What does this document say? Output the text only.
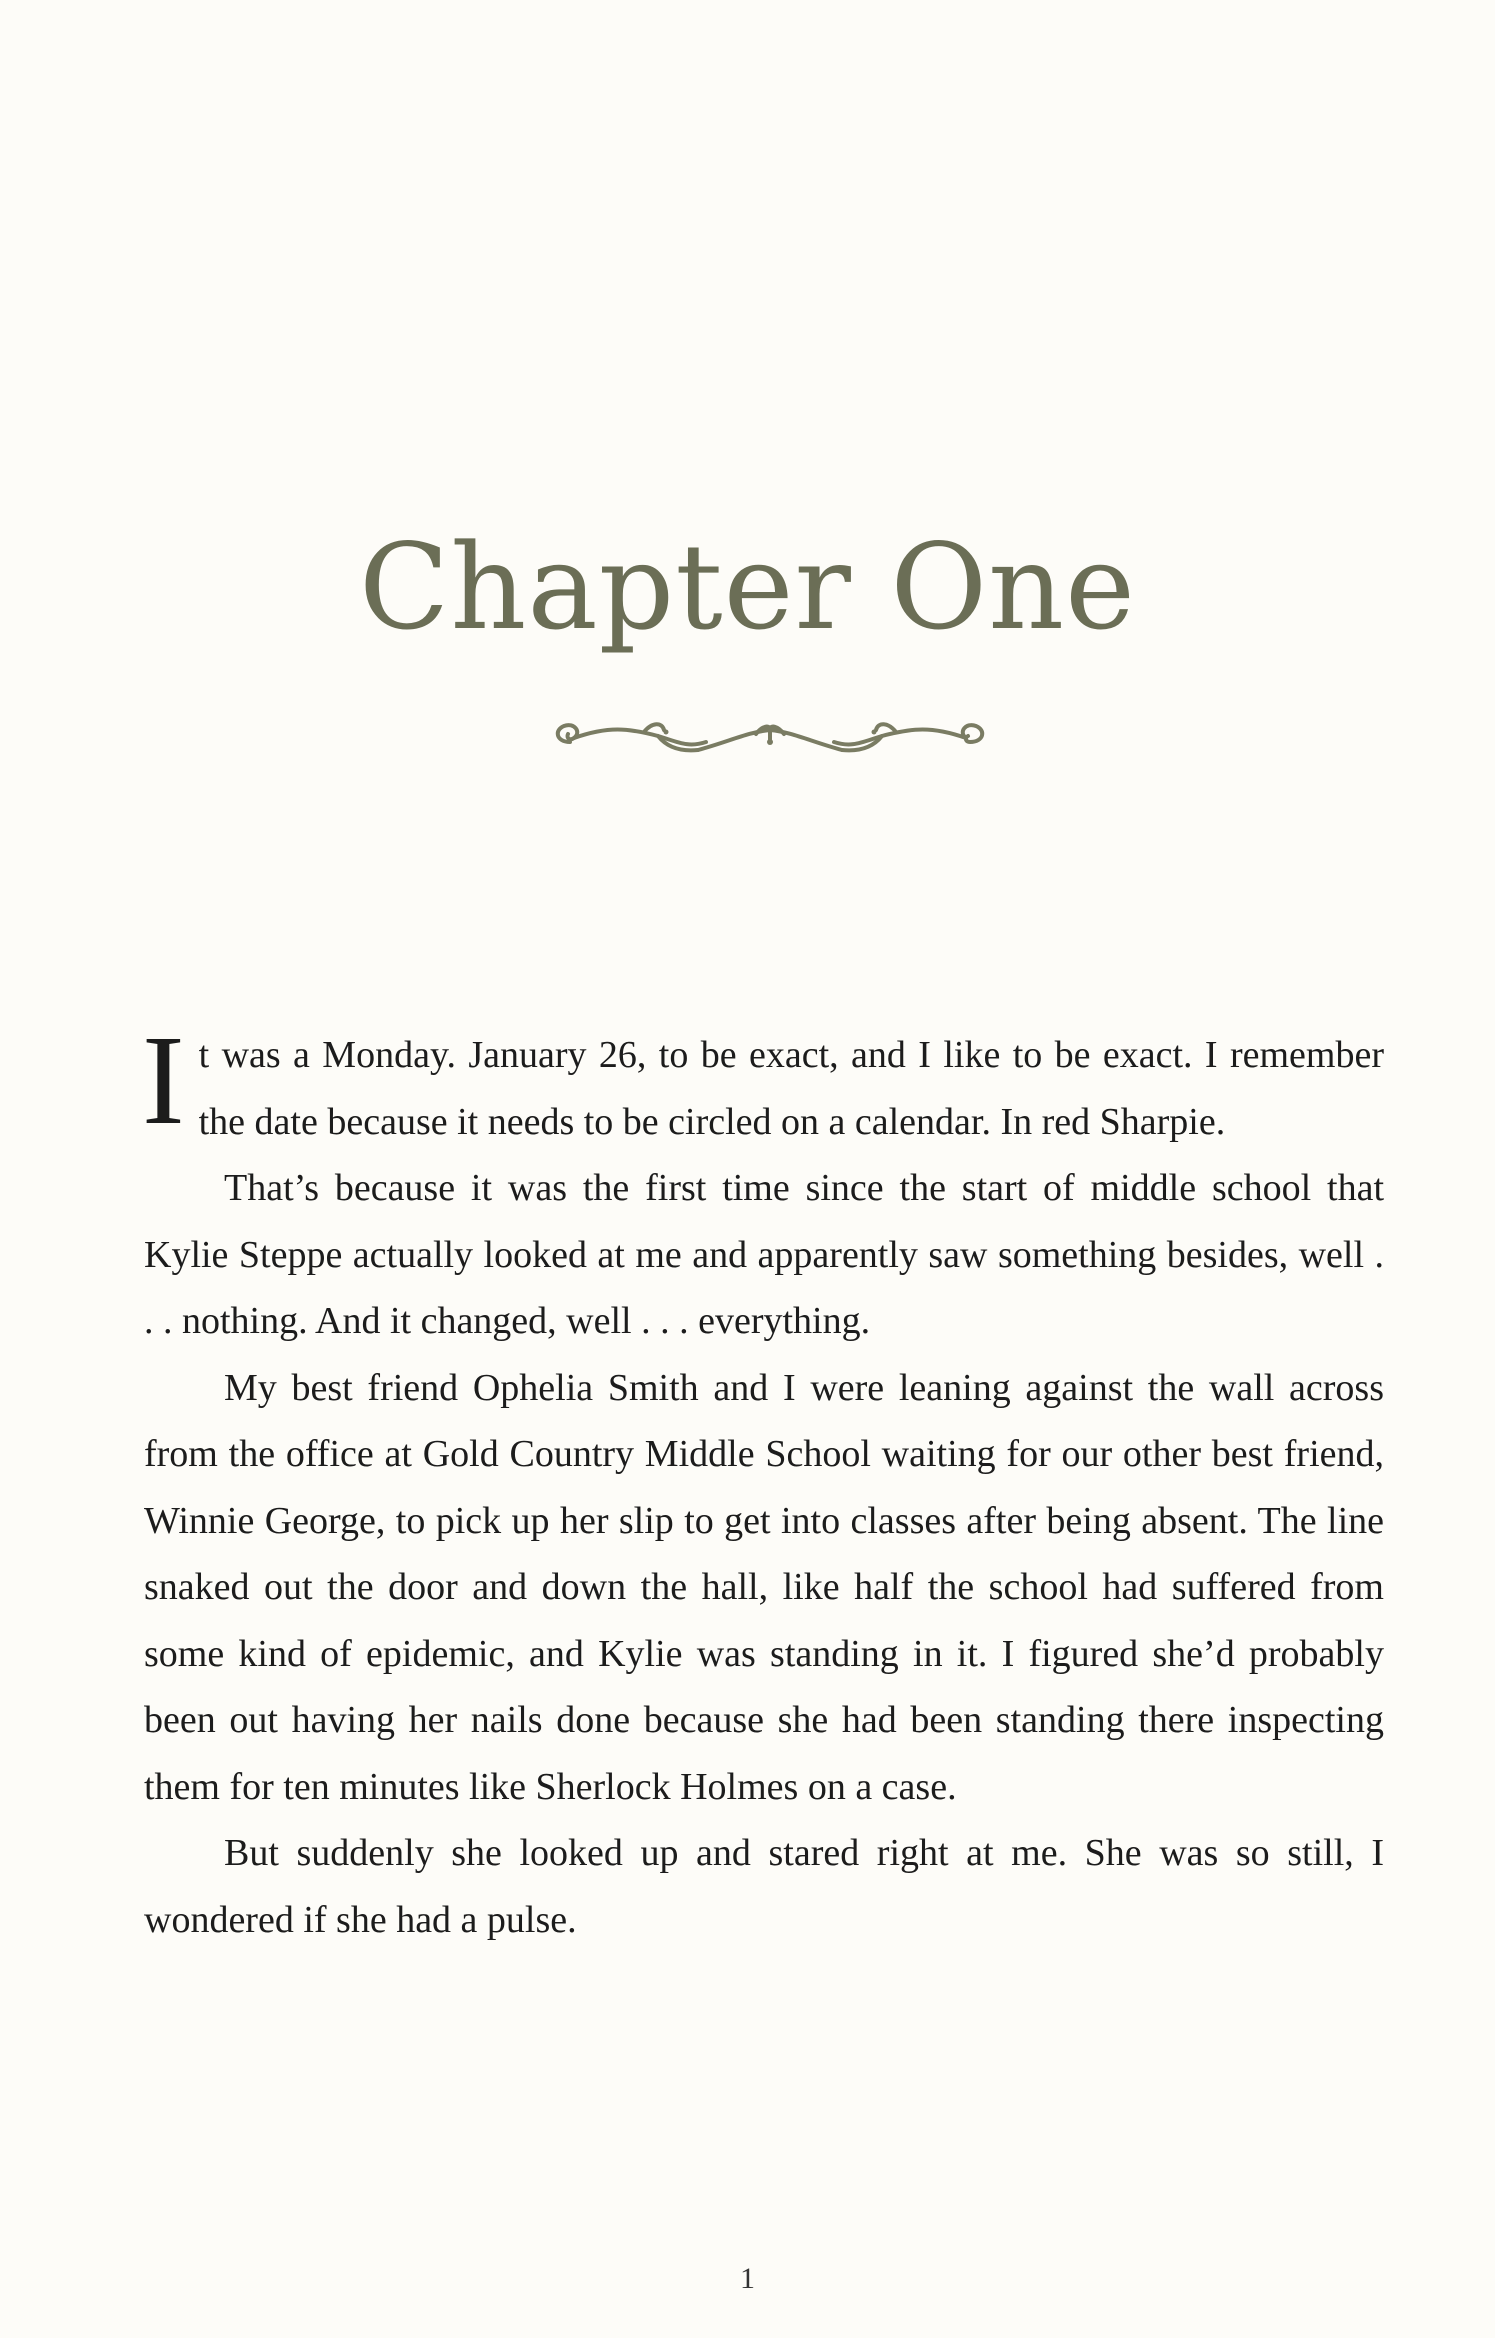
Chapter One

It was a Monday. January 26, to be exact, and I like to be exact. I remember the date because it needs to be circled on a calendar. In red Sharpie.

That’s because it was the first time since the start of middle school that Kylie Steppe actually looked at me and apparently saw something besides, well . . . nothing. And it changed, well . . . everything.

My best friend Ophelia Smith and I were leaning against the wall across from the office at Gold Country Middle School waiting for our other best friend, Winnie George, to pick up her slip to get into classes after being absent. The line snaked out the door and down the hall, like half the school had suffered from some kind of epidemic, and Kylie was standing in it. I figured she’d probably been out having her nails done because she had been standing there inspecting them for ten minutes like Sherlock Holmes on a case.

But suddenly she looked up and stared right at me. She was so still, I wondered if she had a pulse.

1
